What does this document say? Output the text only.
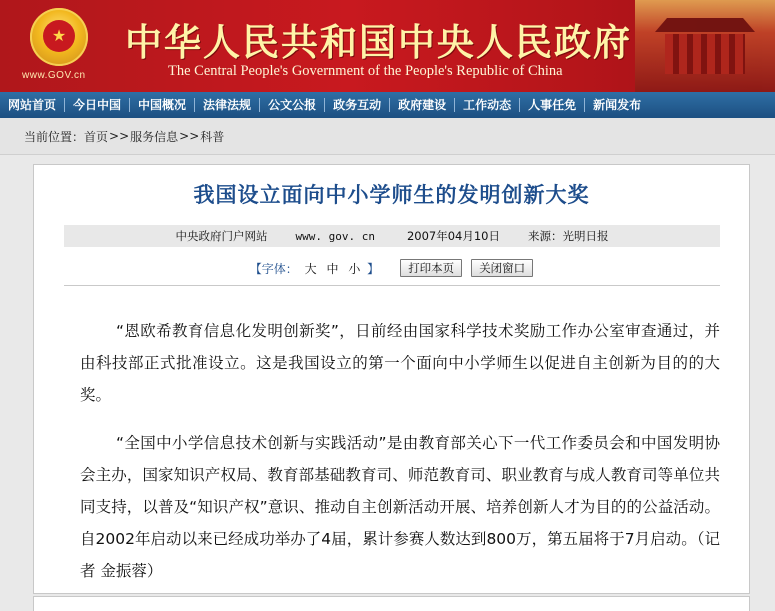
★
www.GOV.cn
中华人民共和国中央人民政府
The Central People's Government of the People's Republic of China
网站首页	今日中国	中国概况	法律法规	公文公报	政务互动	政府建设	工作动态	人事任免	新闻发布
当前位置： 首页 >> 服务信息 >> 科普
我国设立面向中小学师生的发明创新大奖
中央政府门户网站	www. gov. cn	2007年04月10日 来源：光明日报
【字体： 大 中 小 】	打印本页	关闭窗口
“恩欧希教育信息化发明创新奖”，日前经由国家科学技术奖励工作办公室审查通过，并由科技部正式批准设立。这是我国设立的第一个面向中小学师生以促进自主创新为目的的大奖。
“全国中小学信息技术创新与实践活动”是由教育部关心下一代工作委员会和中国发明协会主办，国家知识产权局、教育部基础教育司、师范教育司、职业教育与成人教育司等单位共同支持，以普及“知识产权”意识、推动自主创新活动开展、培养创新人才为目的的公益活动。自2002年启动以来已经成功举办了4届，累计参赛人数达到800万，第五届将于7月启动。（记者 金振蓉）
